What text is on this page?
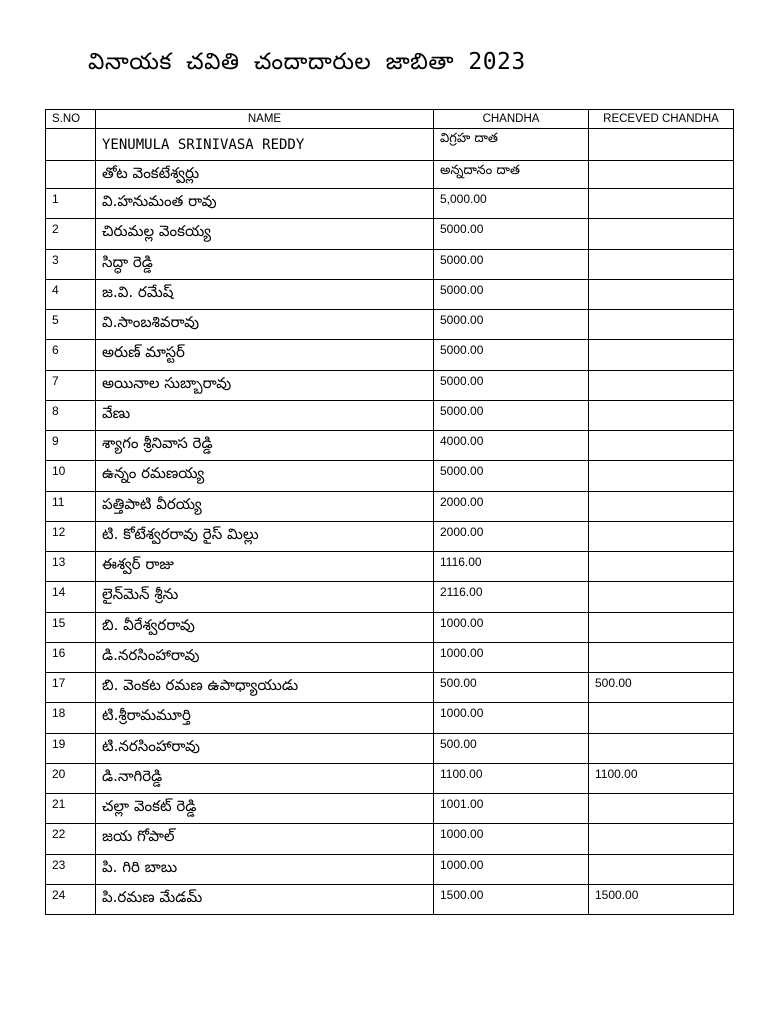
వినాయక చవితి చందాదారుల జాబితా 2023
S.NO	NAME	CHANDHA	RECEVED CHANDHA
	YENUMULA SRINIVASA REDDY	విగ్రహ దాత	
	తోట వెంకటేశ్వర్లు	అన్నదానం దాత	
1	వి.హనుమంత రావు	5,000.00	
2	చిరుమల్ల వెంకయ్య	5000.00	
3	సిద్ధా రెడ్డి	5000.00	
4	జ.వి. రమేష్	5000.00	
5	వి.సాంబశివరావు	5000.00	
6	అరుణ్ మాస్టర్	5000.00	
7	అయినాల సుబ్బారావు	5000.00	
8	వేణు	5000.00	
9	శ్యాగం శ్రీనివాస రెడ్డి	4000.00	
10	ఉన్నం రమణయ్య	5000.00	
11	పత్తిపాటి వీరయ్య	2000.00	
12	టి. కోటేశ్వరరావు రైస్ మిల్లు	2000.00	
13	ఈశ్వర్ రాజు	1116.00	
14	లైన్‌మెన్ శ్రీను	2116.00	
15	బి. వీరేశ్వరరావు	1000.00	
16	డి.నరసింహారావు	1000.00	
17	బి. వెంకట రమణ ఉపాధ్యాయుడు	500.00	500.00
18	టి.శ్రీరామమూర్తి	1000.00	
19	టి.నరసింహారావు	500.00	
20	డి.నాగిరెడ్డి	1100.00	1100.00
21	చల్లా వెంకట్ రెడ్డి	1001.00	
22	జయ గోపాల్	1000.00	
23	పి. గిరి బాబు	1000.00	
24	పి.రమణ మేడమ్	1500.00	1500.00
